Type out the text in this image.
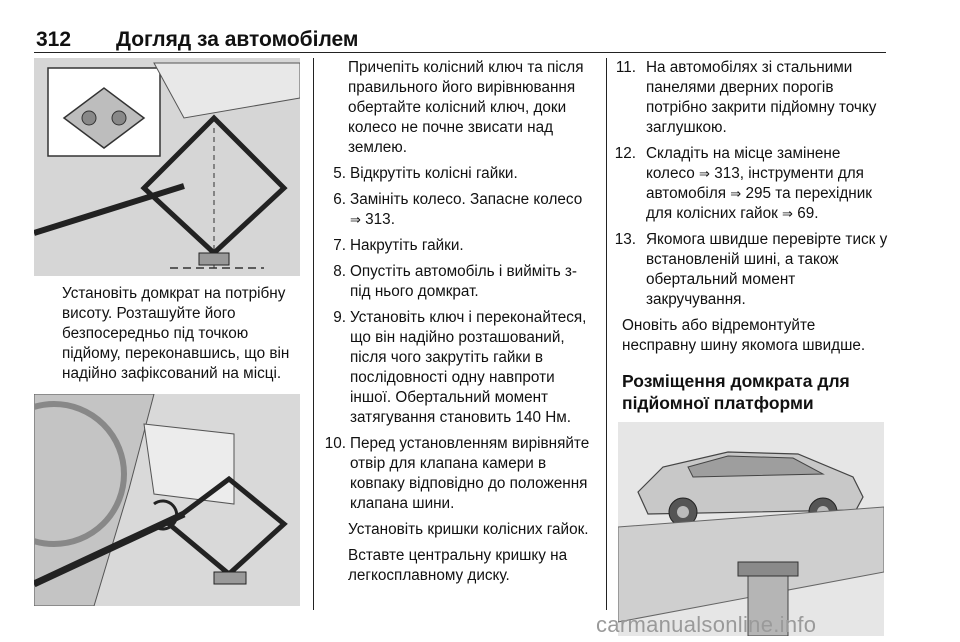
312 Догляд за автомобілем
Установіть домкрат на потрібну висоту. Розташуйте його безпосередньо під точкою підйому, переконавшись, що він надійно зафіксований на місці.
Причепіть колісний ключ та після правильного його вирівнювання обертайте колісний ключ, доки колесо не почне звисати над землею.
5. Відкрутіть колісні гайки.
6. Замініть колесо. Запасне колесо ⇒ 313.
7. Накрутіть гайки.
8. Опустіть автомобіль і вийміть з-під нього домкрат.
9. Установіть ключ і переконайтеся, що він надійно розташований, після чого закрутіть гайки в послідовності одну навпроти іншої. Обертальний момент затягування становить 140 Нм.
10. Перед установленням вирівняйте отвір для клапана камери в ковпаку відповідно до положення клапана шини.
Установіть кришки колісних гайок.
Вставте центральну кришку на легкосплавному диску.
11. На автомобілях зі стальними панелями дверних порогів потрібно закрити підйомну точку заглушкою.
12. Складіть на місце замінене колесо ⇒ 313, інструменти для автомобіля ⇒ 295 та перехідник для колісних гайок ⇒ 69.
13. Якомога швидше перевірте тиск у встановленій шині, а також обертальний момент закручування.
Оновіть або відремонтуйте несправну шину якомога швидше.
Розміщення домкрата для підйомної платформи
carmanualsonline.info
